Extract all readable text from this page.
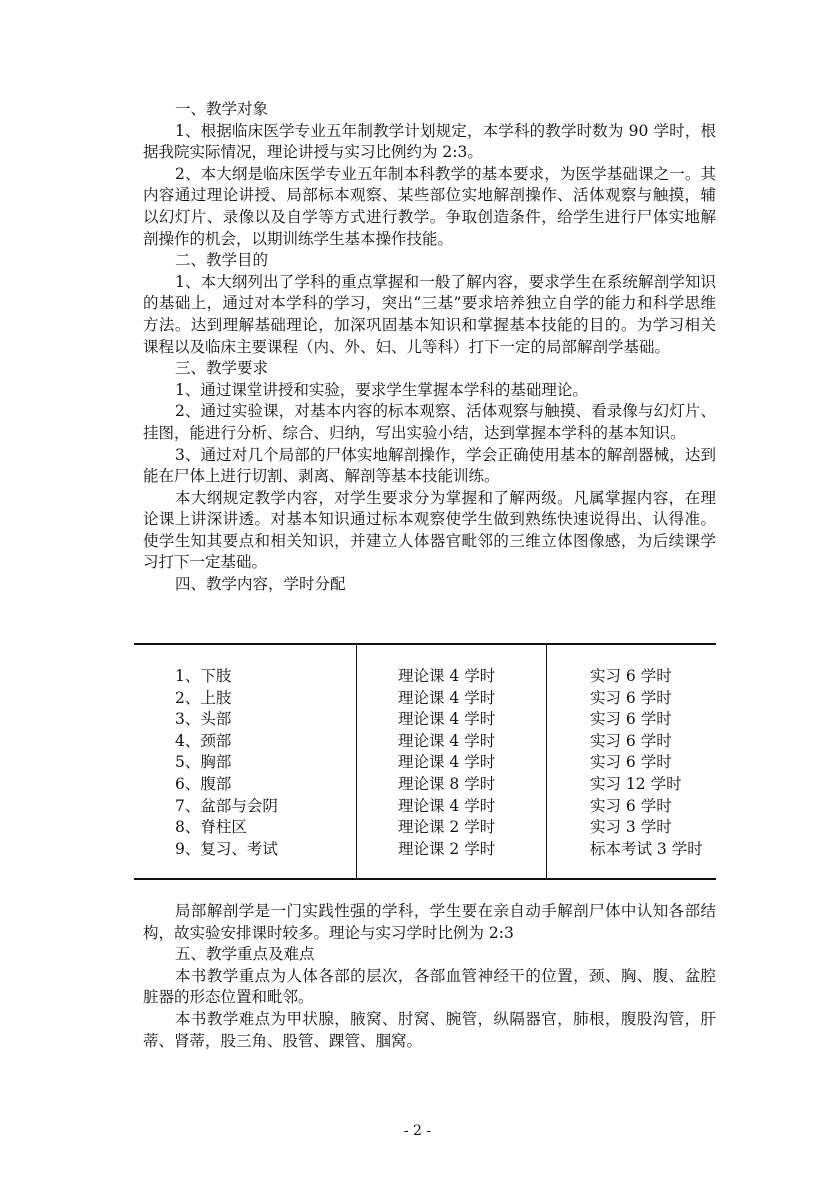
一、教学对象

1、根据临床医学专业五年制教学计划规定，本学科的教学时数为 90 学时，根据我院实际情况，理论讲授与实习比例约为 2:3。

2、本大纲是临床医学专业五年制本科教学的基本要求，为医学基础课之一。其内容通过理论讲授、局部标本观察、某些部位实地解剖操作、活体观察与触摸，辅以幻灯片、录像以及自学等方式进行教学。争取创造条件，给学生进行尸体实地解剖操作的机会，以期训练学生基本操作技能。

二、教学目的

1、本大纲列出了学科的重点掌握和一般了解内容，要求学生在系统解剖学知识的基础上，通过对本学科的学习，突出“三基”要求培养独立自学的能力和科学思维方法。达到理解基础理论，加深巩固基本知识和掌握基本技能的目的。为学习相关课程以及临床主要课程（内、外、妇、儿等科）打下一定的局部解剖学基础。

三、教学要求

1、通过课堂讲授和实验，要求学生掌握本学科的基础理论。

2、通过实验课，对基本内容的标本观察、活体观察与触摸、看录像与幻灯片、挂图，能进行分析、综合、归纳，写出实验小结，达到掌握本学科的基本知识。

3、通过对几个局部的尸体实地解剖操作，学会正确使用基本的解剖器械，达到能在尸体上进行切割、剥离、解剖等基本技能训练。

本大纲规定教学内容，对学生要求分为掌握和了解两级。凡属掌握内容，在理论课上讲深讲透。对基本知识通过标本观察使学生做到熟练快速说得出、认得准。使学生知其要点和相关知识，并建立人体器官毗邻的三维立体图像感，为后续课学习打下一定基础。

四、教学内容，学时分配
1、下肢
2、上肢
3、头部
4、颈部
5、胸部
6、腹部
7、盆部与会阴
8、脊柱区
9、复习、考试
理论课 4 学时
理论课 4 学时
理论课 4 学时
理论课 4 学时
理论课 4 学时
理论课 8 学时
理论课 4 学时
理论课 2 学时
理论课 2 学时
实习 6 学时
实习 6 学时
实习 6 学时
实习 6 学时
实习 6 学时
实习 12 学时
实习 6 学时
实习 3 学时
标本考试 3 学时

局部解剖学是一门实践性强的学科，学生要在亲自动手解剖尸体中认知各部结构，故实验安排课时较多。理论与实习学时比例为 2:3

五、教学重点及难点

本书教学重点为人体各部的层次，各部血管神经干的位置，颈、胸、腹、盆腔脏器的形态位置和毗邻。

本书教学难点为甲状腺，腋窝、肘窝、腕管，纵隔器官，肺根，腹股沟管，肝蒂、肾蒂，股三角、股管、踝管、腘窝。

- 2 -
